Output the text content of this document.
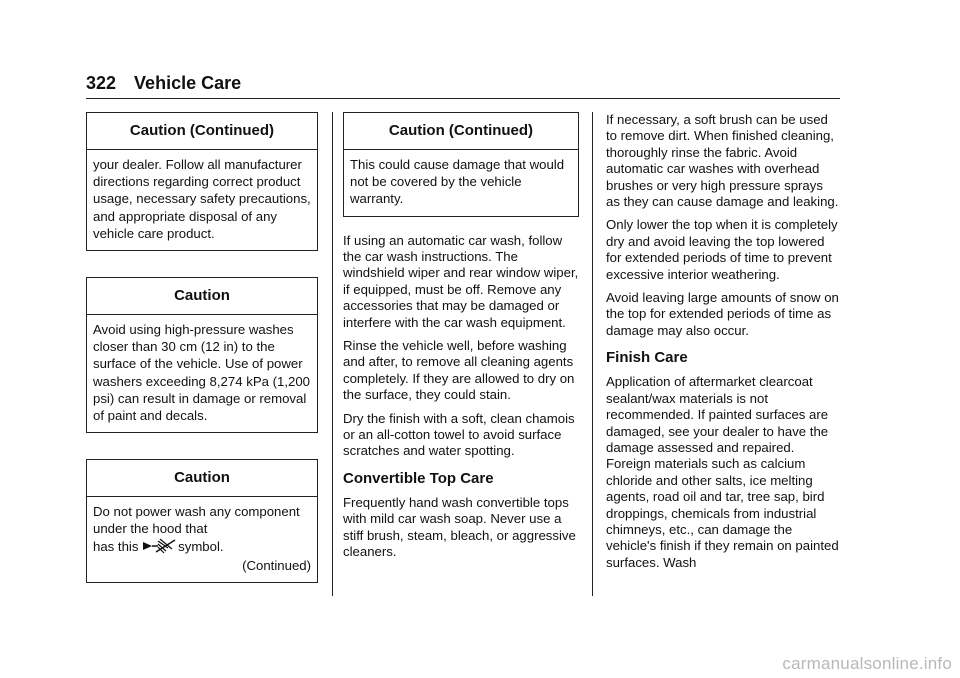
322 Vehicle Care
Caution (Continued)
your dealer. Follow all manufacturer directions regarding correct product usage, necessary safety precautions, and appropriate disposal of any vehicle care product.
Caution
Avoid using high-pressure washes closer than 30 cm (12 in) to the surface of the vehicle. Use of power washers exceeding 8,274 kPa (1,200 psi) can result in damage or removal of paint and decals.
Caution
Do not power wash any component under the hood that
has this	symbol.
(Continued)
Caution (Continued)
This could cause damage that would not be covered by the vehicle warranty.

If using an automatic car wash, follow the car wash instructions. The windshield wiper and rear window wiper, if equipped, must be off. Remove any accessories that may be damaged or interfere with the car wash equipment.

Rinse the vehicle well, before washing and after, to remove all cleaning agents completely. If they are allowed to dry on the surface, they could stain.

Dry the finish with a soft, clean chamois or an all-cotton towel to avoid surface scratches and water spotting.

Convertible Top Care

Frequently hand wash convertible tops with mild car wash soap. Never use a stiff brush, steam, bleach, or aggressive cleaners.

If necessary, a soft brush can be used to remove dirt. When finished cleaning, thoroughly rinse the fabric. Avoid automatic car washes with overhead brushes or very high pressure sprays as they can cause damage and leaking.

Only lower the top when it is completely dry and avoid leaving the top lowered for extended periods of time to prevent excessive interior weathering.

Avoid leaving large amounts of snow on the top for extended periods of time as damage may also occur.

Finish Care

Application of aftermarket clearcoat sealant/wax materials is not recommended. If painted surfaces are damaged, see your dealer to have the damage assessed and repaired. Foreign materials such as calcium chloride and other salts, ice melting agents, road oil and tar, tree sap, bird droppings, chemicals from industrial chimneys, etc., can damage the vehicle's finish if they remain on painted surfaces. Wash

carmanualsonline.info
